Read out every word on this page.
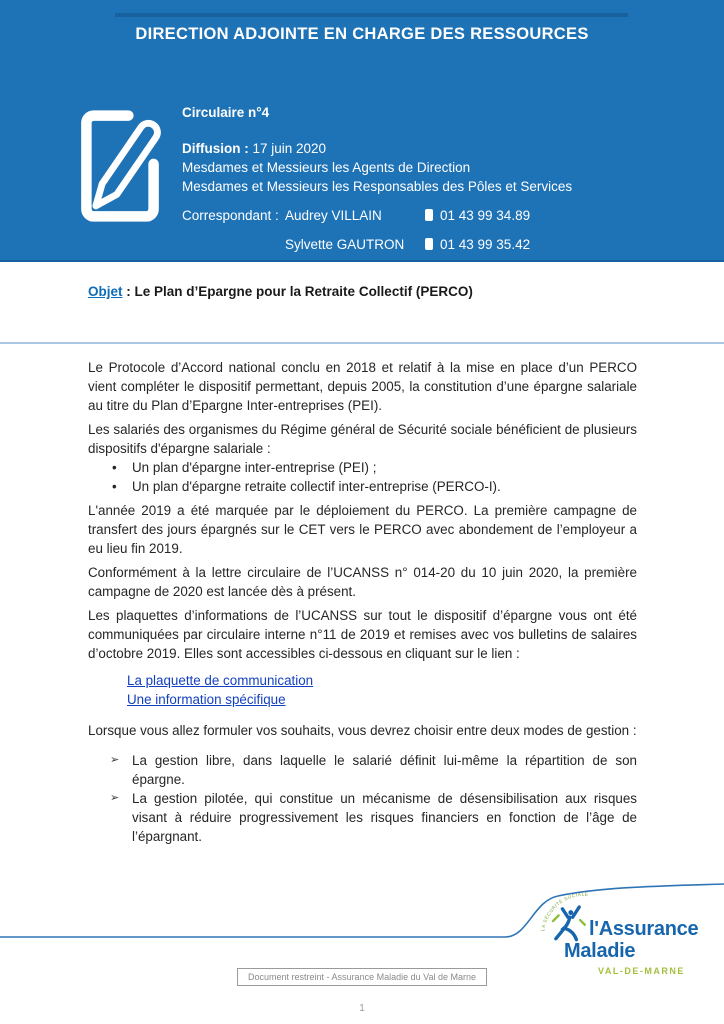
DIRECTION ADJOINTE EN CHARGE DES RESSOURCES
Circulaire n°4
Diffusion : 17 juin 2020
Mesdames et Messieurs les Agents de Direction
Mesdames et Messieurs les Responsables des Pôles et Services
Correspondant :	Audrey VILLAIN	01 43 99 34.89
	Sylvette GAUTRON	01 43 99 35.42
Objet : Le Plan d’Epargne pour la Retraite Collectif (PERCO)

Le Protocole d’Accord national conclu en 2018 et relatif à la mise en place d’un PERCO vient compléter le dispositif permettant, depuis 2005, la constitution d’une épargne salariale au titre du Plan d’Epargne Inter-entreprises (PEI).

Les salariés des organismes du Régime général de Sécurité sociale bénéficient de plusieurs dispositifs d'épargne salariale :

• Un plan d'épargne inter-entreprise (PEI) ;
• Un plan d'épargne retraite collectif inter-entreprise (PERCO-I).

L'année 2019 a été marquée par le déploiement du PERCO. La première campagne de transfert des jours épargnés sur le CET vers le PERCO avec abondement de l’employeur a eu lieu fin 2019.

Conformément à la lettre circulaire de l’UCANSS n° 014-20 du 10 juin 2020, la première campagne de 2020 est lancée dès à présent.

Les plaquettes d’informations de l’UCANSS sur tout le dispositif d’épargne vous ont été communiquées par circulaire interne n°11 de 2019 et remises avec vos bulletins de salaires d’octobre 2019. Elles sont accessibles ci-dessous en cliquant sur le lien :

La plaquette de communication
Une information spécifique

Lorsque vous allez formuler vos souhaits, vous devrez choisir entre deux modes de gestion :

➢ La gestion libre, dans laquelle le salarié définit lui-même la répartition de son épargne.
➢ La gestion pilotée, qui constitue un mécanisme de désensibilisation aux risques visant à réduire progressivement les risques financiers en fonction de l’âge de l’épargnant.
LA SÉCURITÉ SOCIALE
l'Assurance
Maladie
VAL-DE-MARNE
Document restreint - Assurance Maladie du Val de Marne
1
